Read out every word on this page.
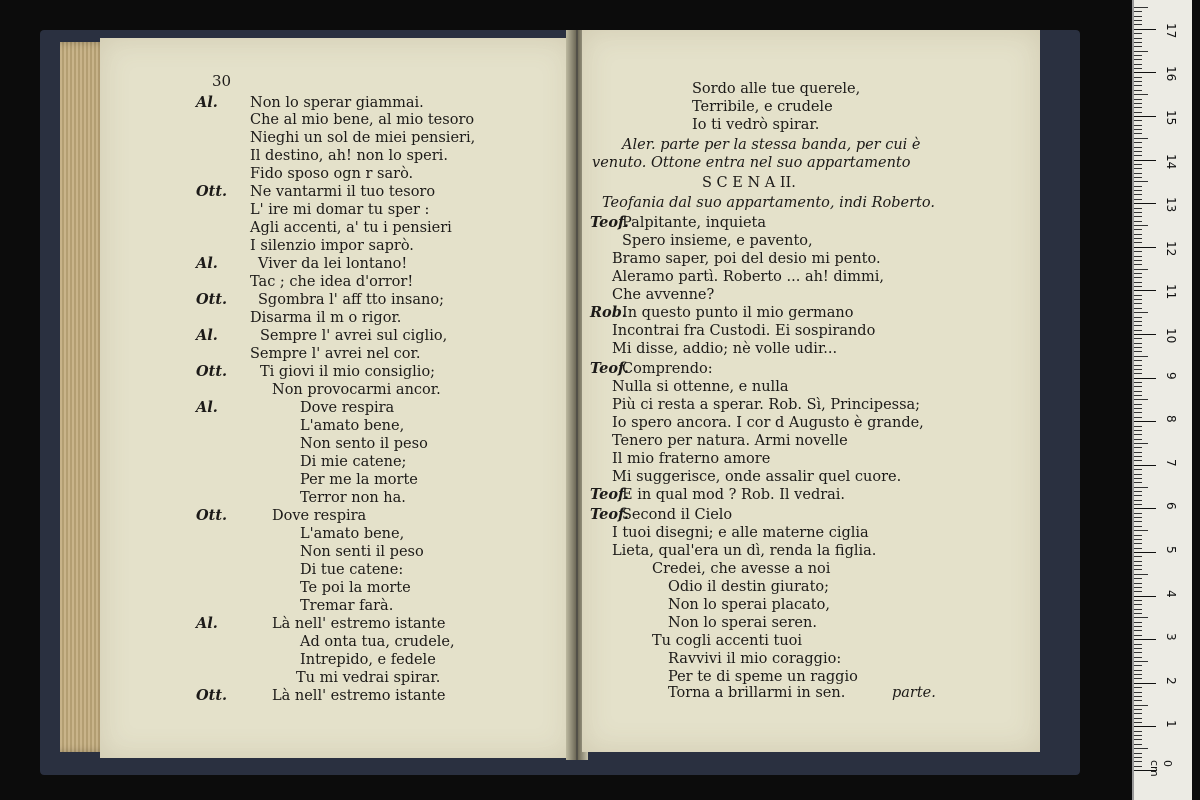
30
Al. Non lo sperar giammai.
Che al mio bene, al mio tesoro
Nieghi un sol de miei pensieri,
Il destino, ah! non lo speri.
Fido sposo ogn r sarò.
Ott. Ne vantarmi il tuo tesoro
L' ire mi domar tu sper :
Agli accenti, a' tu i pensieri
I silenzio impor saprò.
Al.	Viver da lei lontano!
Tac ; che idea d'orror!
Ott. Sgombra l' aff tto insano;
Disarma il m o rigor.
Al.	Sempre l' avrei sul ciglio,
Sempre l' avrei nel cor.
Ott. Ti giovi il mio consiglio;
Non provocarmi ancor.
Al.	Dove respira
L'amato bene,
Non sento il peso
Di mie catene;
Per me la morte
Terror non ha.
Ott.	Dove respira
L'amato bene,
Non senti il peso
Di tue catene:
Te poi la morte
Tremar farà.
Al.	Là nell' estremo istante
Ad onta tua, crudele,
Intrepido, e fedele
Tu mi vedrai spirar.
Ott.	Là nell' estremo istante
Sordo alle tue querele,
Terribile, e crudele
Io ti vedrò spirar.
Aler. parte per la stessa banda, per cui è
venuto. Ottone entra nel suo appartamento
S C E N A II.
Teofania dal suo appartamento, indi Roberto.
Teof.
Palpitante, inquieta
Spero insieme, e pavento,
Bramo saper, poi del desio mi pento.
Aleramo partì. Roberto ... ah! dimmi,
Che avvenne?
Rob.
In questo punto il mio germano
Incontrai fra Custodi. Ei sospirando
Mi disse, addio; nè volle udir...
Teof.
Comprendo:
Nulla si ottenne, e nulla
Più ci resta a sperar. Rob. Sì, Principessa;
Io spero ancora. I cor d Augusto è grande,
Tenero per natura. Armi novelle
Il mio fraterno amore
Mi suggerisce, onde assalir quel cuore.
Teof.
E in qual mod ? Rob. Il vedrai.
Teof.
Second il Cielo
I tuoi disegni; e alle materne ciglia
Lieta, qual'era un dì, renda la figlia.
Credei, che avesse a noi
Odio il destin giurato;
Non lo sperai placato,
Non lo sperai seren.
Tu cogli accenti tuoi
Ravvivi il mio coraggio:
Per te di speme un raggio
Torna a brillarmi in sen.	parte.
0 cm
1
2
3
4
5
6
7
8
9
10
11
12
13
14
15
16
17
